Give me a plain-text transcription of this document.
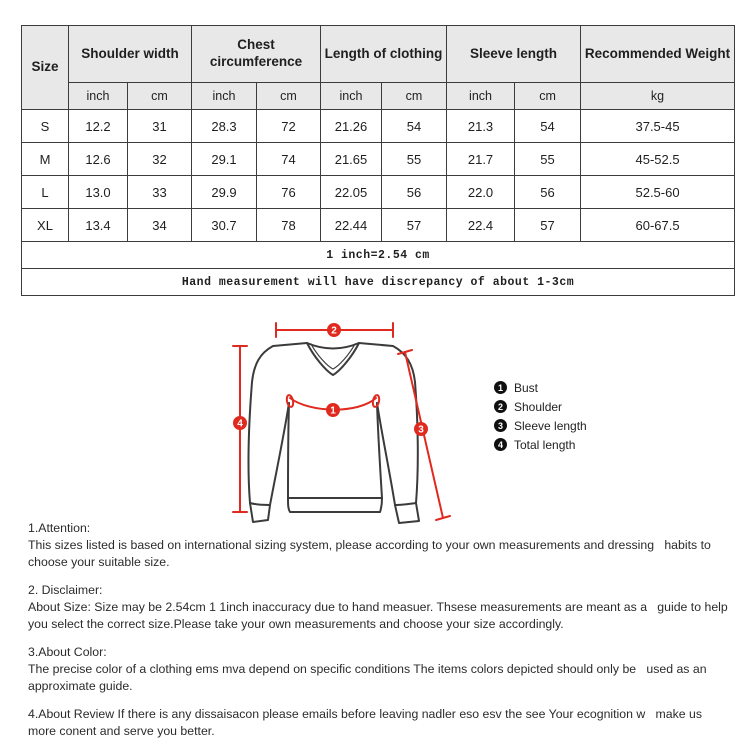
Size	Shoulder width		Chest circumference		Length of clothing		Sleeve length		Recommended Weight
	inch	cm	inch	cm	inch	cm	inch	cm	kg
S	12.2	31	28.3	72	21.26	54	21.3	54	37.5-45
M	12.6	32	29.1	74	21.65	55	21.7	55	45-52.5
L	13.0	33	29.9	76	22.05	56	22.0	56	52.5-60
XL	13.4	34	30.7	78	22.44	57	22.4	57	60-67.5
1 inch=2.54 cm									
Hand measurement will have discrepancy of about 1-3cm									
2
4
1
3
1 Bust
2 Shoulder
3 Sleeve length
4 Total length
1.Attention:
This sizes listed is based on international sizing system, please according to your own measurements and dressing   habits to choose your suitable size.
2. Disclaimer:
About Size: Size may be 2.54cm 1 1inch inaccuracy due to hand measuer. Thsese measurements are meant as a   guide to help you select the correct size.Please take your own measurements and choose your size accordingly.
3.About Color:
The precise color of a clothing ems mva depend on specific conditions The items colors depicted should only be   used as an approximate guide.
4.About Review If there is any dissaisacon please emails before leaving nadler eso esv the see Your ecognition w   make us more conent and serve you better.
